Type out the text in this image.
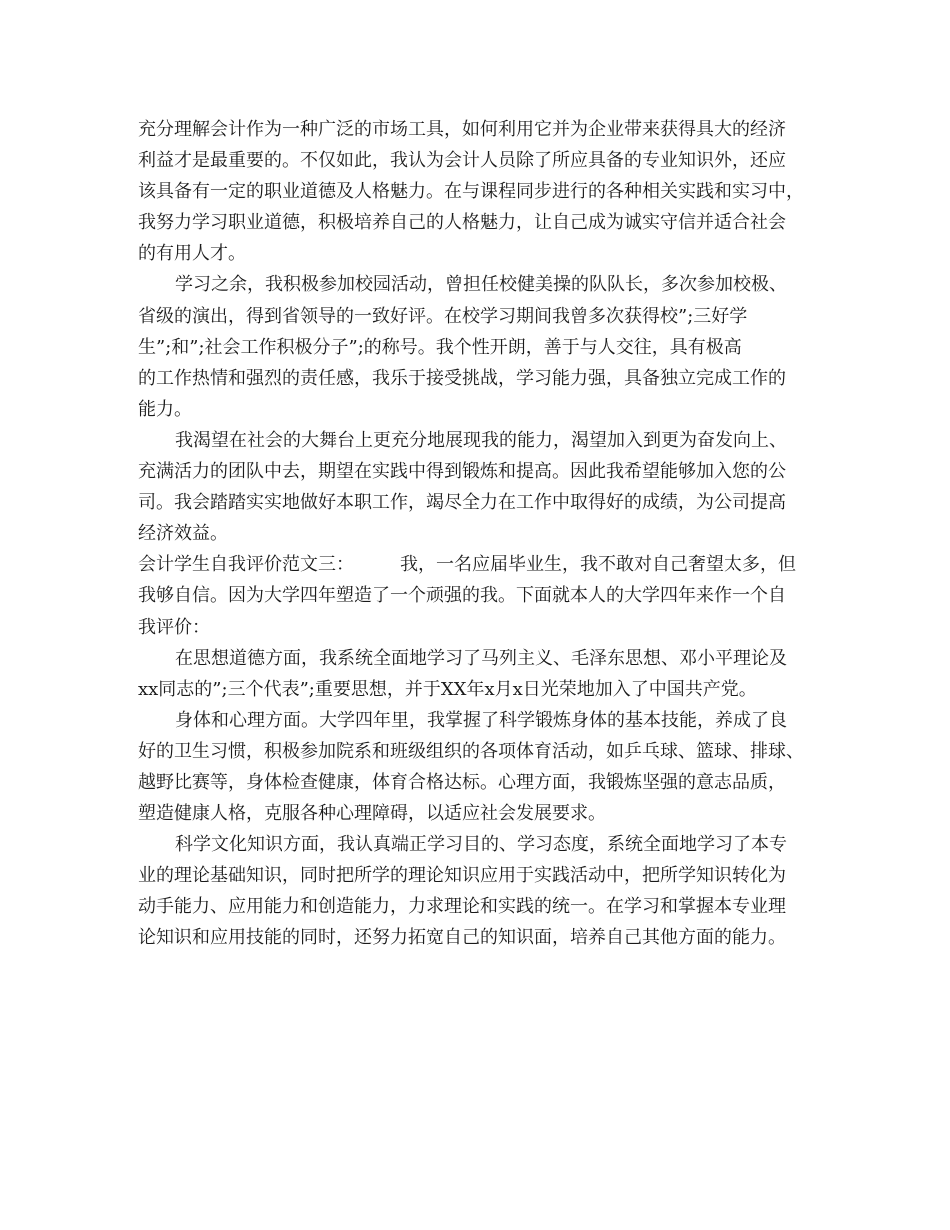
充分理解会计作为一种广泛的市场工具，如何利用它并为企业带来获得具大的经济
利益才是最重要的。不仅如此，我认为会计人员除了所应具备的专业知识外，还应
该具备有一定的职业道德及人格魅力。在与课程同步进行的各种相关实践和实习中，
我努力学习职业道德，积极培养自己的人格魅力，让自己成为诚实守信并适合社会
的有用人才。
学习之余，我积极参加校园活动，曾担任校健美操的队队长，多次参加校极、
省级的演出，得到省领导的一致好评。在校学习期间我曾多次获得校”;三好学
生”;和”;社会工作积极分子”;的称号。我个性开朗，善于与人交往，具有极高
的工作热情和强烈的责任感，我乐于接受挑战，学习能力强，具备独立完成工作的
能力。
我渴望在社会的大舞台上更充分地展现我的能力，渴望加入到更为奋发向上、
充满活力的团队中去，期望在实践中得到锻炼和提高。因此我希望能够加入您的公
司。我会踏踏实实地做好本职工作，竭尽全力在工作中取得好的成绩，为公司提高
经济效益。
会计学生自我评价范文三：	我，一名应届毕业生，我不敢对自己奢望太多，但
我够自信。因为大学四年塑造了一个顽强的我。下面就本人的大学四年来作一个自
我评价：
在思想道德方面，我系统全面地学习了马列主义、毛泽东思想、邓小平理论及
xx同志的”;三个代表”;重要思想，并于XX年x月x日光荣地加入了中国共产党。
身体和心理方面。大学四年里，我掌握了科学锻炼身体的基本技能，养成了良
好的卫生习惯，积极参加院系和班级组织的各项体育活动，如乒乓球、篮球、排球、
越野比赛等，身体检查健康，体育合格达标。心理方面，我锻炼坚强的意志品质，
塑造健康人格，克服各种心理障碍，以适应社会发展要求。
科学文化知识方面，我认真端正学习目的、学习态度，系统全面地学习了本专
业的理论基础知识，同时把所学的理论知识应用于实践活动中，把所学知识转化为
动手能力、应用能力和创造能力，力求理论和实践的统一。在学习和掌握本专业理
论知识和应用技能的同时，还努力拓宽自己的知识面，培养自己其他方面的能力。
